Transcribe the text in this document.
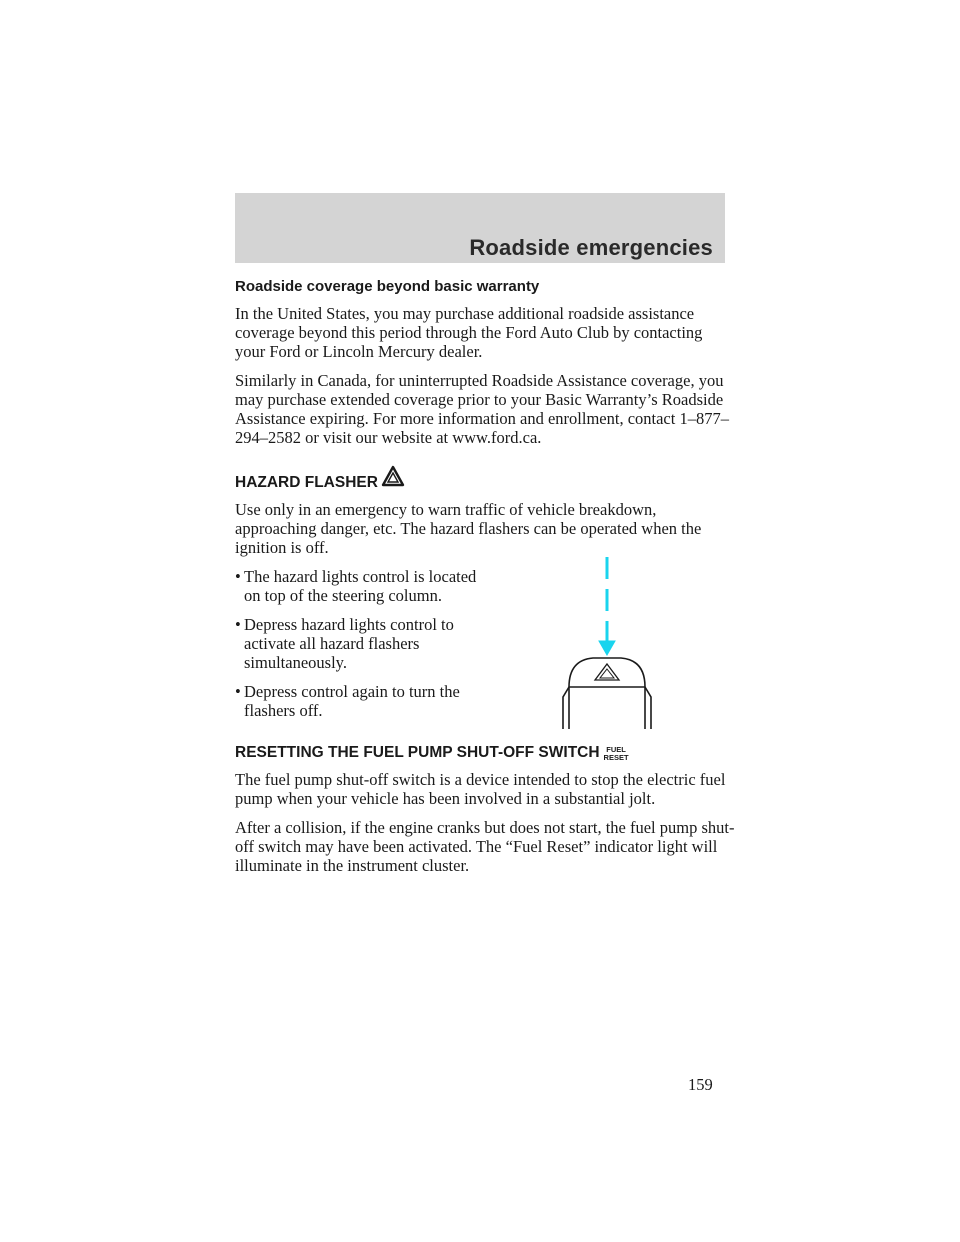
Roadside emergencies
Roadside coverage beyond basic warranty

In the United States, you may purchase additional roadside assistance coverage beyond this period through the Ford Auto Club by contacting your Ford or Lincoln Mercury dealer.

Similarly in Canada, for uninterrupted Roadside Assistance coverage, you may purchase extended coverage prior to your Basic Warranty’s Roadside Assistance expiring. For more information and enrollment, contact 1–877–294–2582 or visit our website at www.ford.ca.

HAZARD FLASHER

Use only in an emergency to warn traffic of vehicle breakdown, approaching danger, etc. The hazard flashers can be operated when the ignition is off.

• The hazard lights control is located on top of the steering column.
• Depress hazard lights control to activate all hazard flashers simultaneously.
• Depress control again to turn the flashers off.
RESETTING THE FUEL PUMP SHUT-OFF SWITCH FUEL
RESET

The fuel pump shut-off switch is a device intended to stop the electric fuel pump when your vehicle has been involved in a substantial jolt.

After a collision, if the engine cranks but does not start, the fuel pump shut-off switch may have been activated. The “Fuel Reset” indicator light will illuminate in the instrument cluster.

159
